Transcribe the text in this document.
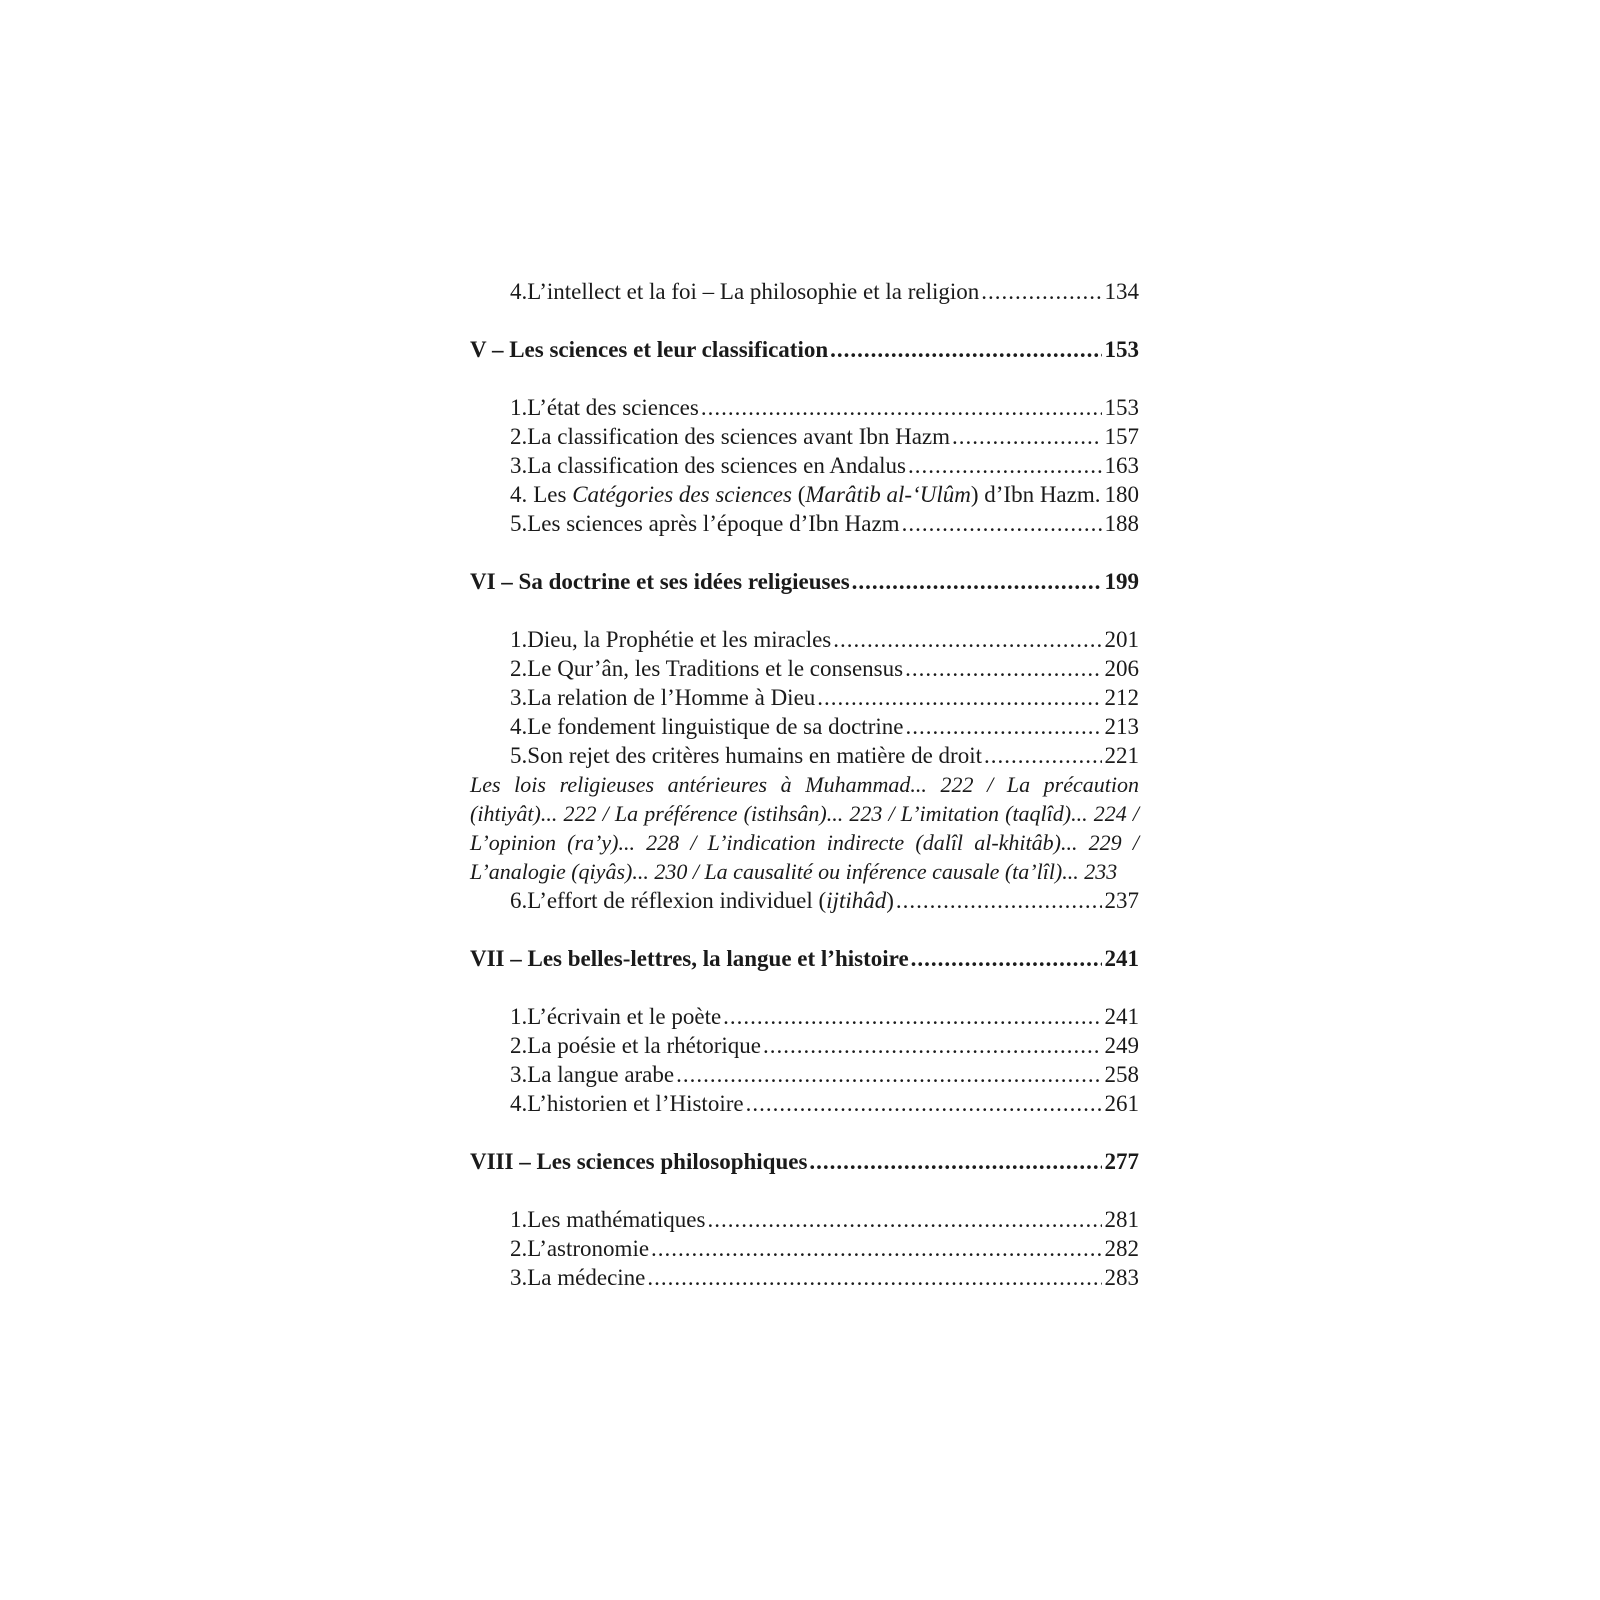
4. L’intellect et la foi – La philosophie et la religion .....	134
V – Les sciences et leur classification .....	153
1. L’état des sciences .....	153
2. La classification des sciences avant Ibn Hazm .....	157
3. La classification des sciences en Andalus .....	163
4. Les Catégories des sciences (Marâtib al-‘Ulûm) d’Ibn Hazm. 180
5. Les sciences après l’époque d’Ibn Hazm .....	188
VI – Sa doctrine et ses idées religieuses .....	199
1. Dieu, la Prophétie et les miracles .....	201
2. Le Qur’ân, les Traditions et le consensus .....	206
3. La relation de l’Homme à Dieu .....	212
4. Le fondement linguistique de sa doctrine .....	213
5. Son rejet des critères humains en matière de droit .....	221
Les lois religieuses antérieures à Muhammad... 222 / La précaution (ihtiyât)... 222 / La préférence (istihsân)... 223 / L’imitation (taqlîd)... 224 / L’opinion (ra’y)... 228 / L’indication indirecte (dalîl al-khitâb)... 229 / L’analogie (qiyâs)... 230 / La causalité ou inférence causale (ta’lîl)... 233
6. L’effort de réflexion individuel (ijtihâd) .....	237
VII – Les belles-lettres, la langue et l’histoire .....	241
1. L’écrivain et le poète .....	241
2. La poésie et la rhétorique .....	249
3. La langue arabe .....	258
4. L’historien et l’Histoire .....	261
VIII – Les sciences philosophiques .....	277
1. Les mathématiques .....	281
2. L’astronomie .....	282
3. La médecine .....	283
